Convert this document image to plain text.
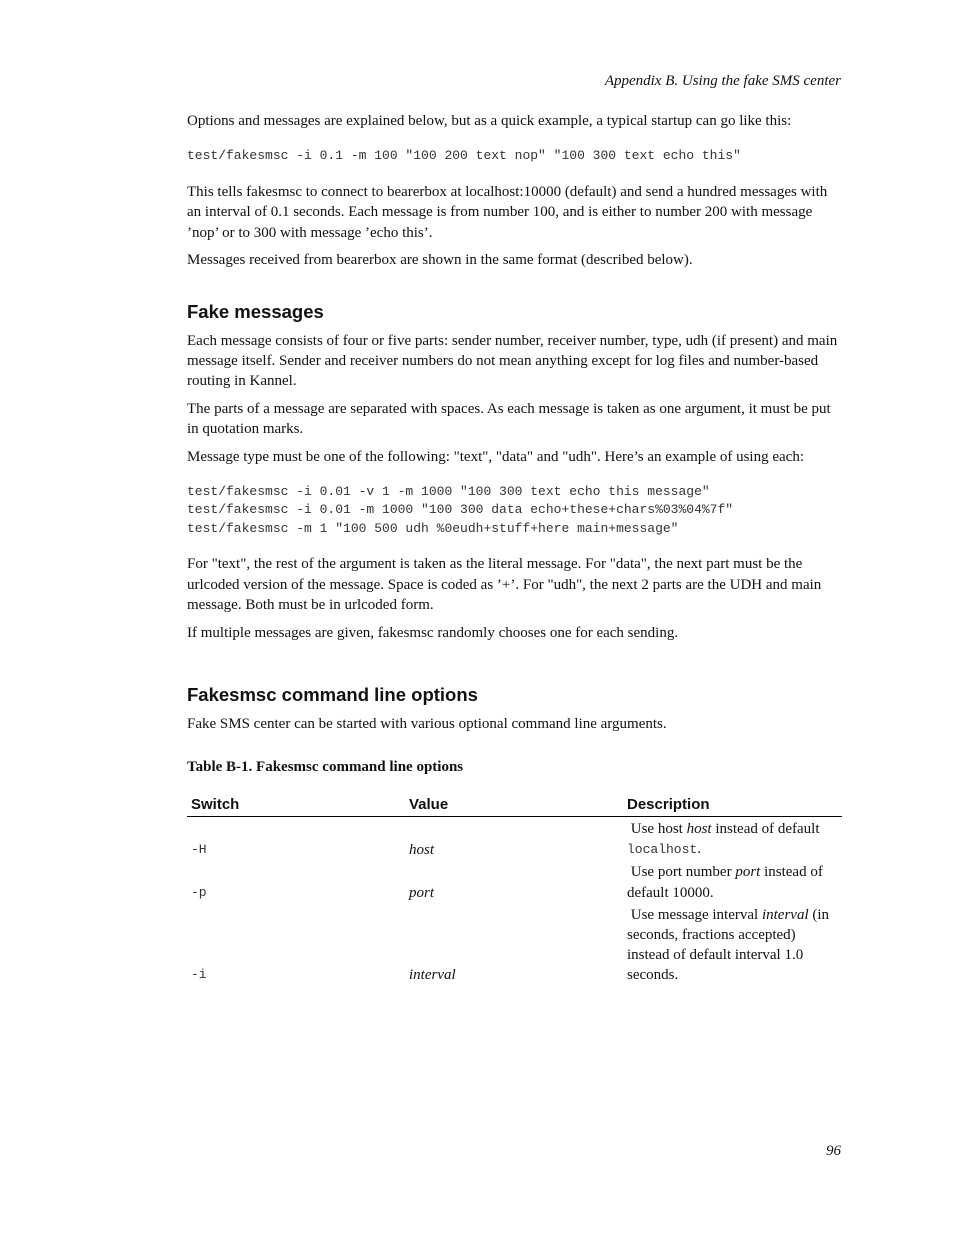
Appendix B. Using the fake SMS center

Options and messages are explained below, but as a quick example, a typical startup can go like this:

test/fakesmsc -i 0.1 -m 100 "100 200 text nop" "100 300 text echo this"

This tells fakesmsc to connect to bearerbox at localhost:10000 (default) and send a hundred messages with an interval of 0.1 seconds. Each message is from number 100, and is either to number 200 with message ’nop’ or to 300 with message ’echo this’.

Messages received from bearerbox are shown in the same format (described below).

Fake messages

Each message consists of four or five parts: sender number, receiver number, type, udh (if present) and main message itself. Sender and receiver numbers do not mean anything except for log files and number-based routing in Kannel.

The parts of a message are separated with spaces. As each message is taken as one argument, it must be put in quotation marks.

Message type must be one of the following: "text", "data" and "udh". Here’s an example of using each:

test/fakesmsc -i 0.01 -v 1 -m 1000 "100 300 text echo this message"
test/fakesmsc -i 0.01 -m 1000 "100 300 data echo+these+chars%03%04%7f"
test/fakesmsc -m 1 "100 500 udh %0eudh+stuff+here main+message"

For "text", the rest of the argument is taken as the literal message. For "data", the next part must be the urlcoded version of the message. Space is coded as ’+’. For "udh", the next 2 parts are the UDH and main message. Both must be in urlcoded form.

If multiple messages are given, fakesmsc randomly chooses one for each sending.

Fakesmsc command line options

Fake SMS center can be started with various optional command line arguments.

Table B-1. Fakesmsc command line options

Switch	Value	Description
-H	host	Use host host instead of default localhost.
-p	port	Use port number port instead of default 10000.
-i	interval	Use message interval interval (in seconds, fractions accepted) instead of default interval 1.0 seconds.
96
